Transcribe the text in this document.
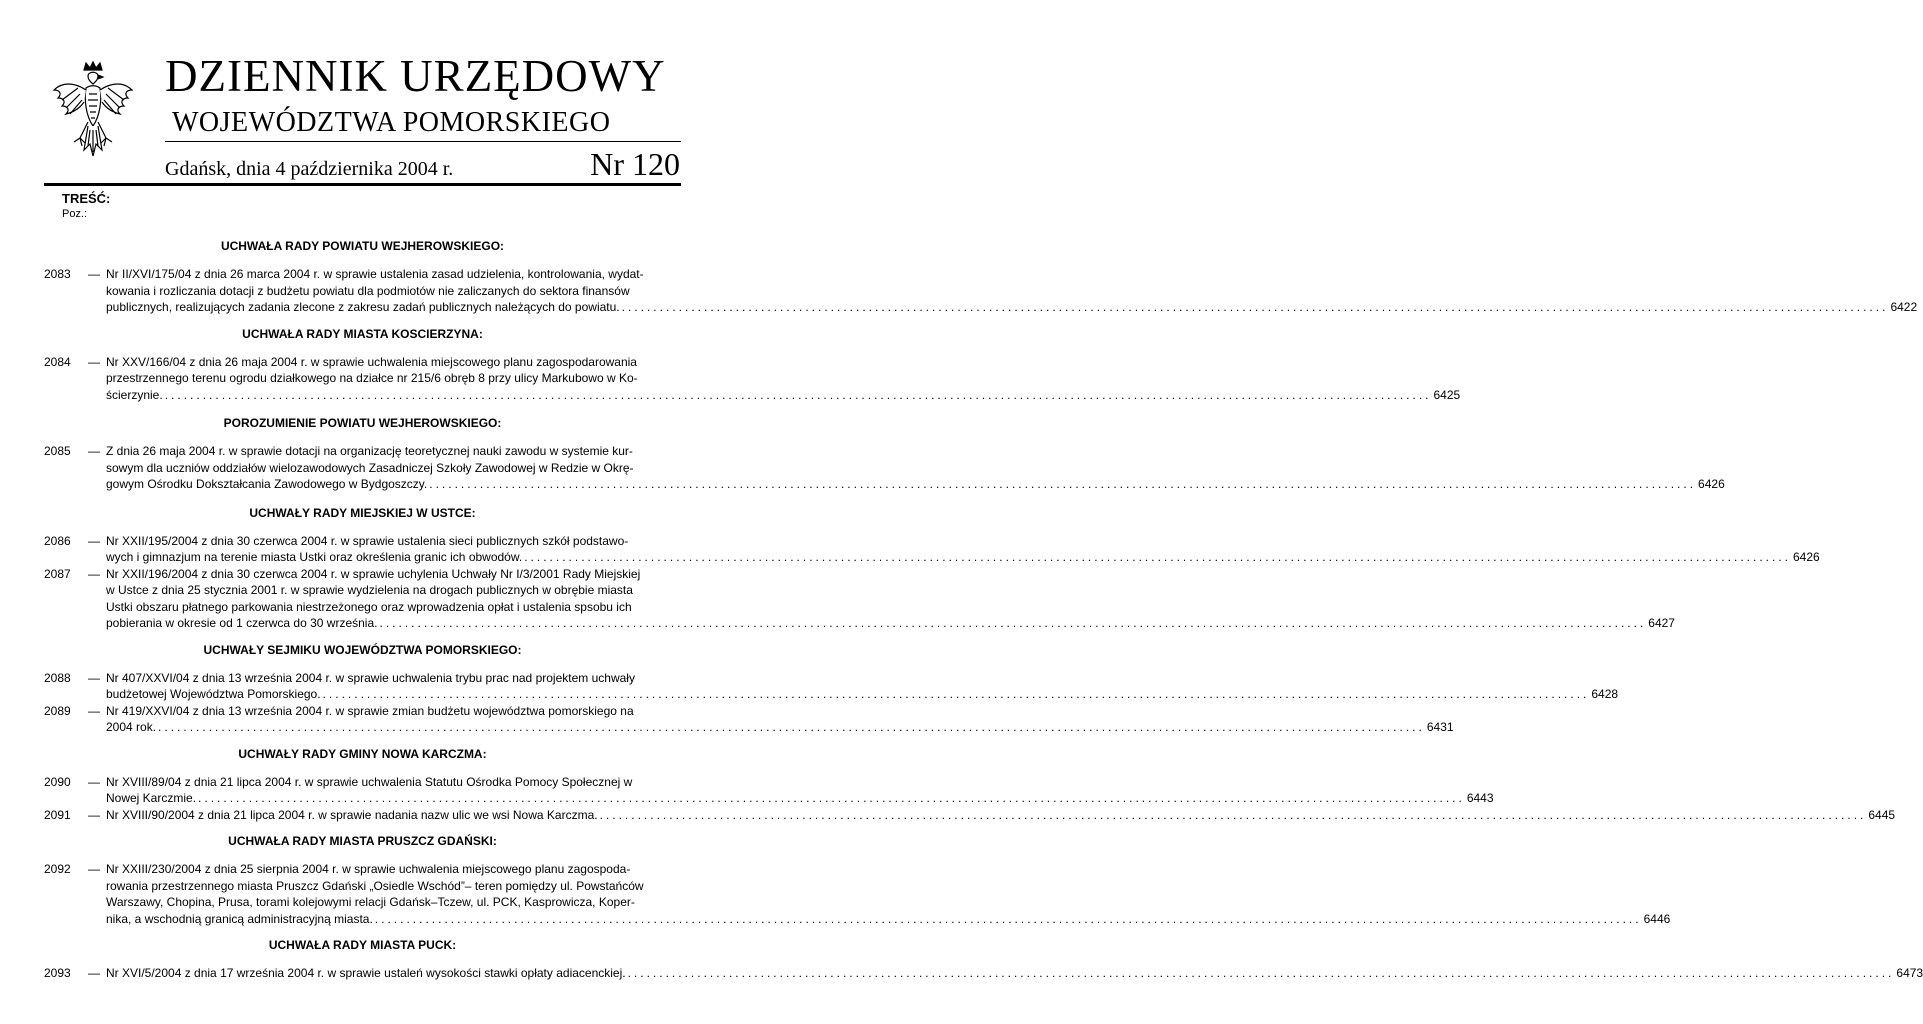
DZIENNIK URZĘDOWY
WOJEWÓDZTWA POMORSKIEGO
Gdańsk, dnia 4 października 2004 r.	Nr 120
TREŚĆ:
Poz.:
UCHWAŁA RADY POWIATU WEJHEROWSKIEGO:
2083	— Nr II/XVI/175/04 z dnia 26 marca 2004 r. w sprawie ustalenia zasad udzielenia, kontrolowania, wydat-
kowania i rozliczania dotacji z budżetu powiatu dla podmiotów nie zaliczanych do sektora finansów
publicznych, realizujących zadania zlecone z zakresu zadań publicznych należących do powiatu. ........................................................................................................................................................................................................ 6422
UCHWAŁA RADY MIASTA KOSCIERZYNA:
2084	— Nr XXV/166/04 z dnia 26 maja 2004 r. w sprawie uchwalenia miejscowego planu zagospodarowania
przestrzennego terenu ogrodu działkowego na działce nr 215/6 obręb 8 przy ulicy Markubowo w Ko-
ścierzynie. ........................................................................................................................................................................................................ 6425
POROZUMIENIE POWIATU WEJHEROWSKIEGO:
2085	— Z dnia 26 maja 2004 r. w sprawie dotacji na organizację teoretycznej nauki zawodu w systemie kur-
sowym dla uczniów oddziałów wielozawodowych Zasadniczej Szkoły Zawodowej w Redzie w Okrę-
gowym Ośrodku Dokształcania Zawodowego w Bydgoszczy. ........................................................................................................................................................................................................ 6426
UCHWAŁY RADY MIEJSKIEJ W USTCE:
2086	— Nr XXII/195/2004 z dnia 30 czerwca 2004 r. w sprawie ustalenia sieci publicznych szkół podstawo-
wych i gimnazjum na terenie miasta Ustki oraz określenia granic ich obwodów. ........................................................................................................................................................................................................ 6426
2087	— Nr XXII/196/2004 z dnia 30 czerwca 2004 r. w sprawie uchylenia Uchwały Nr I/3/2001 Rady Miejskiej
w Ustce z dnia 25 stycznia 2001 r. w sprawie wydzielenia na drogach publicznych w obrębie miasta
Ustki obszaru płatnego parkowania niestrzeżonego oraz wprowadzenia opłat i ustalenia spsobu ich
pobierania w okresie od 1 czerwca do 30 września. ........................................................................................................................................................................................................ 6427
UCHWAŁY SEJMIKU WOJEWÓDZTWA POMORSKIEGO:
2088	— Nr 407/XXVI/04 z dnia 13 września 2004 r. w sprawie uchwalenia trybu prac nad projektem uchwały
budżetowej Województwa Pomorskiego. ........................................................................................................................................................................................................ 6428
2089	— Nr 419/XXVI/04 z dnia 13 września 2004 r. w sprawie zmian budżetu województwa pomorskiego na
2004 rok. ........................................................................................................................................................................................................ 6431
UCHWAŁY RADY GMINY NOWA KARCZMA:
2090	— Nr XVIII/89/04 z dnia 21 lipca 2004 r. w sprawie uchwalenia Statutu Ośrodka Pomocy Społecznej w
Nowej Karczmie. ........................................................................................................................................................................................................ 6443
2091	— Nr XVIII/90/2004 z dnia 21 lipca 2004 r. w sprawie nadania nazw ulic we wsi Nowa Karczma. ........................................................................................................................................................................................................ 6445
UCHWAŁA RADY MIASTA PRUSZCZ GDAŃSKI:
2092	— Nr XXIII/230/2004 z dnia 25 sierpnia 2004 r. w sprawie uchwalenia miejscowego planu zagospoda-
rowania przestrzennego miasta Pruszcz Gdański „Osiedle Wschód”– teren pomiędzy ul. Powstańców
Warszawy, Chopina, Prusa, torami kolejowymi relacji Gdańsk–Tczew, ul. PCK, Kasprowicza, Koper-
nika, a wschodnią granicą administracyjną miasta. ........................................................................................................................................................................................................ 6446
UCHWAŁA RADY MIASTA PUCK:
2093	— Nr XVI/5/2004 z dnia 17 września 2004 r. w sprawie ustaleń wysokości stawki opłaty adiacenckiej. ........................................................................................................................................................................................................ 6473
